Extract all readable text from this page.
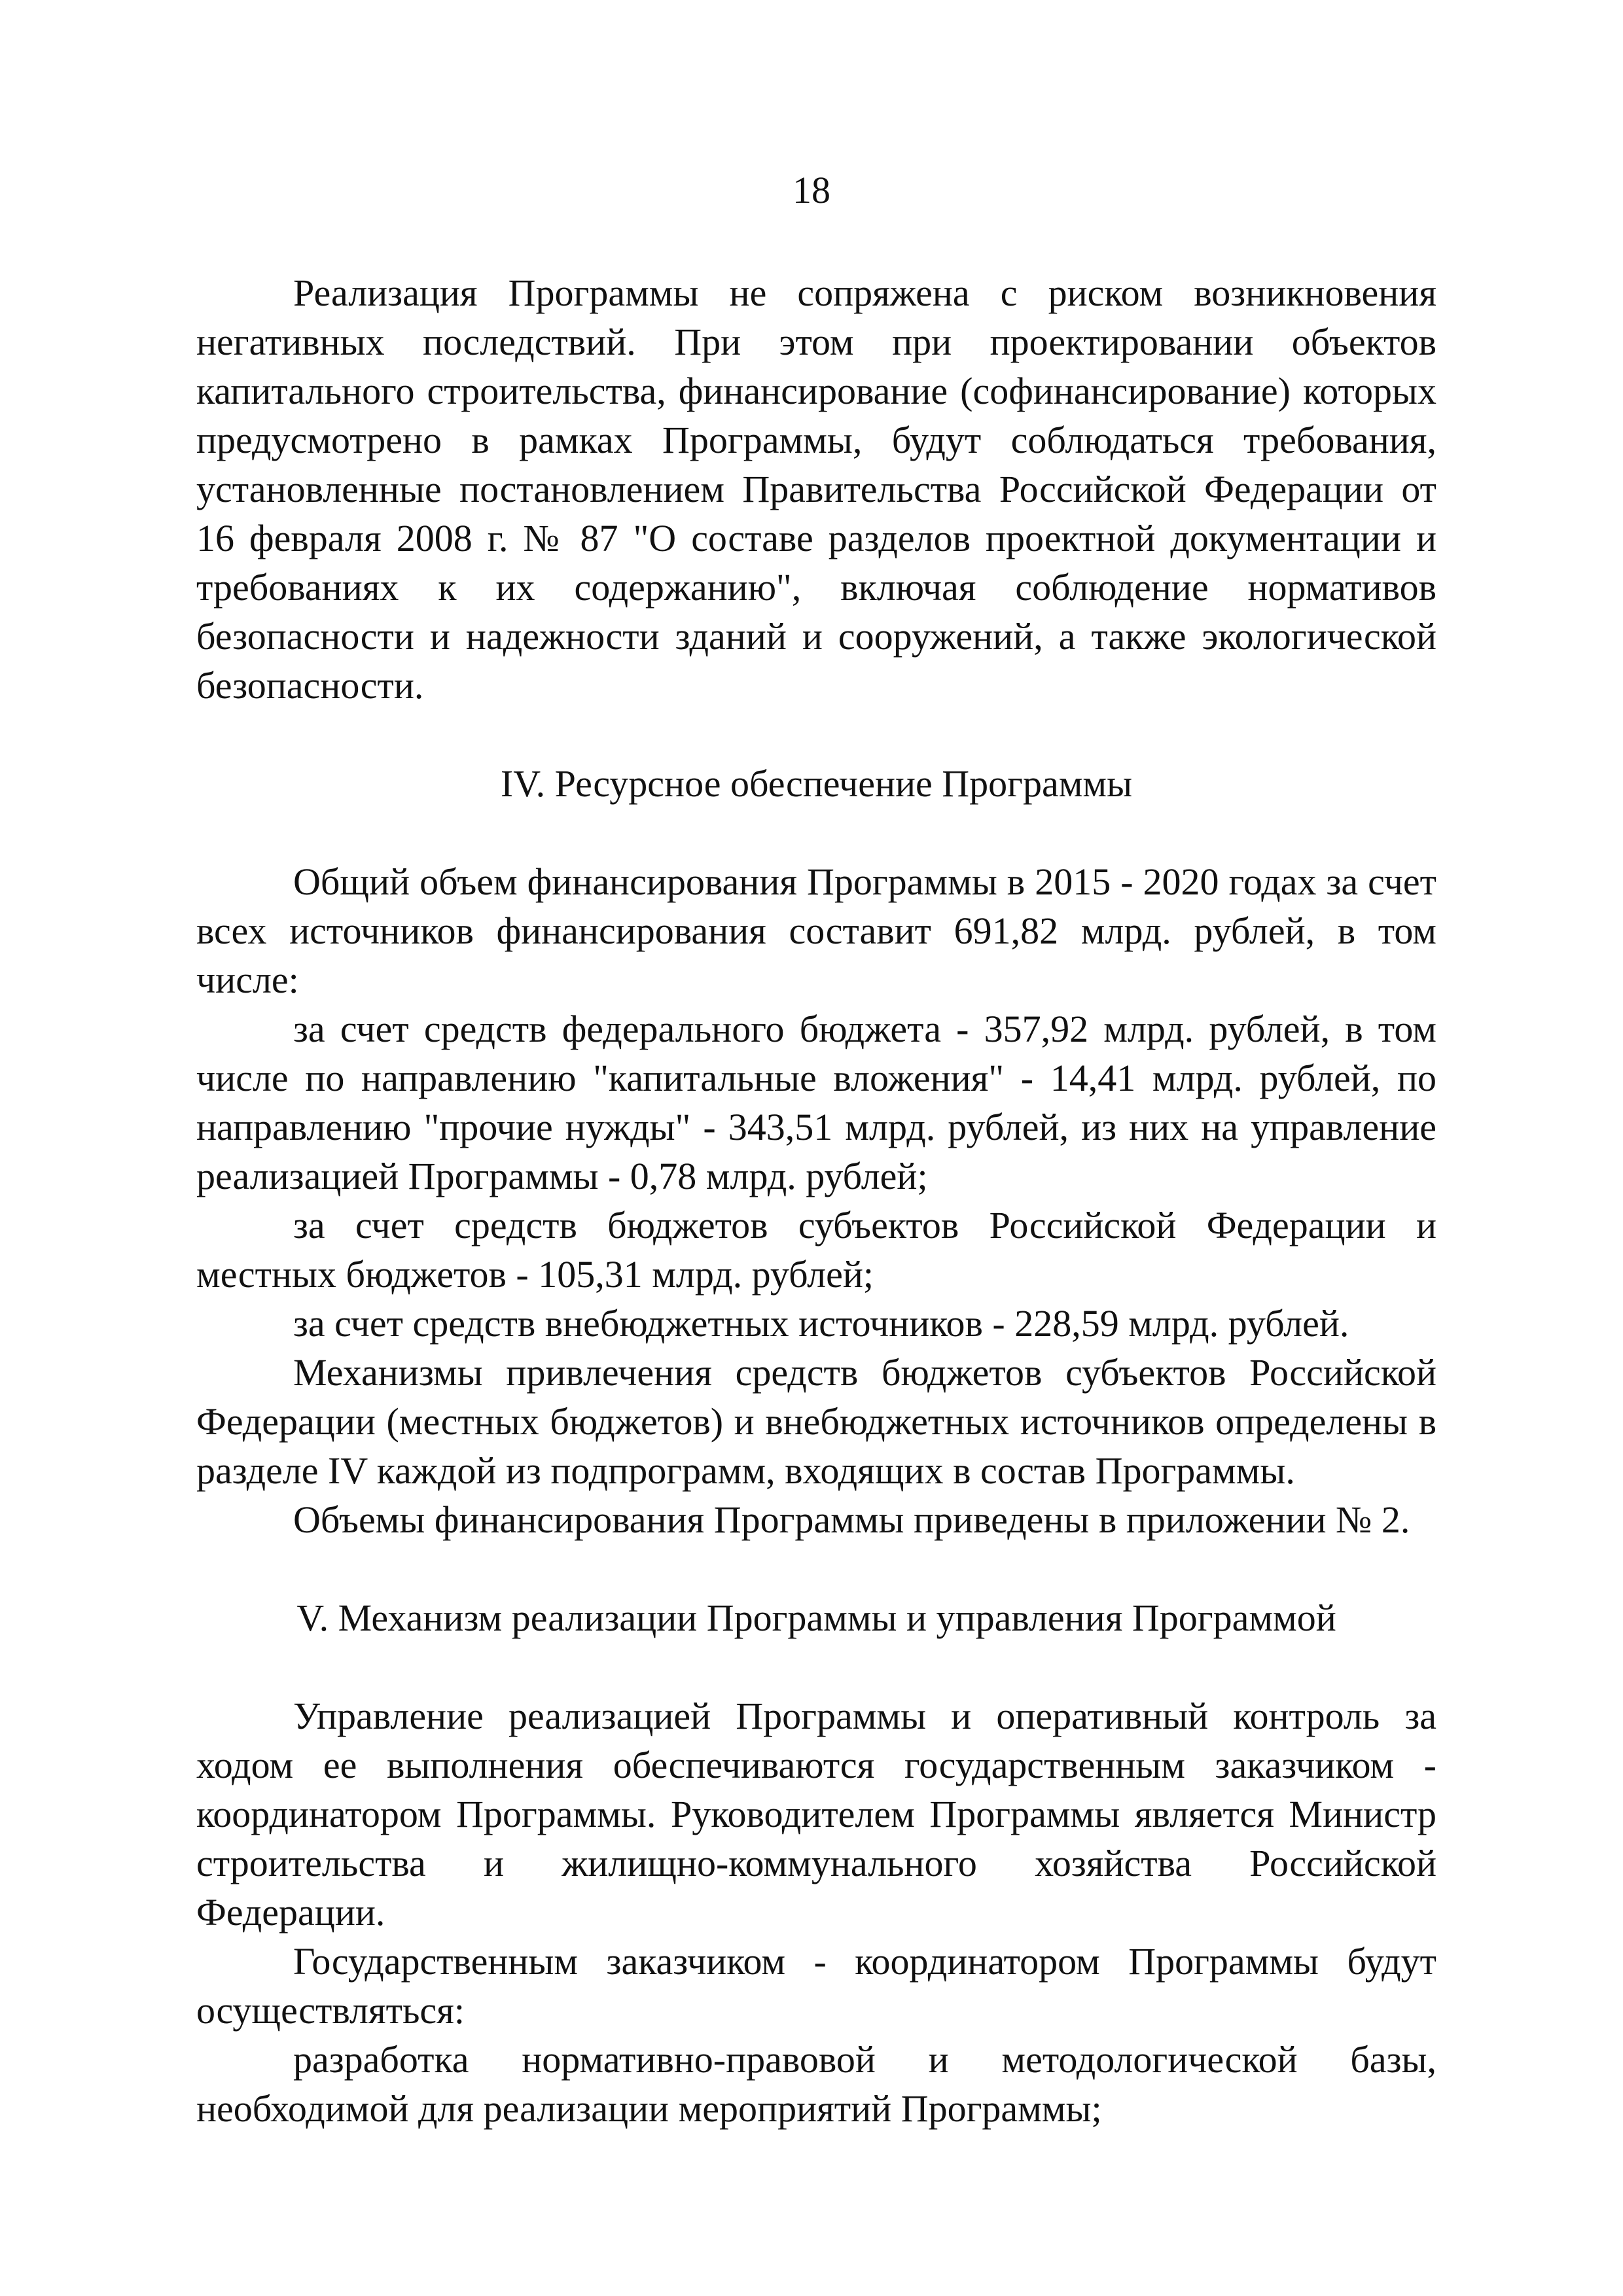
18

Реализация Программы не сопряжена с риском возникновения негативных последствий. При этом при проектировании объектов капитального строительства, финансирование (софинансирование) которых предусмотрено в рамках Программы, будут соблюдаться требования, установленные постановлением Правительства Российской Федерации от 16 февраля 2008 г. № 87 "О составе разделов проектной документации и требованиях к их содержанию", включая соблюдение нормативов безопасности и надежности зданий и сооружений, а также экологической безопасности.

IV. Ресурсное обеспечение Программы

Общий объем финансирования Программы в 2015 - 2020 годах за счет всех источников финансирования составит 691,82 млрд. рублей, в том числе:

за счет средств федерального бюджета - 357,92 млрд. рублей, в том числе по направлению "капитальные вложения" - 14,41 млрд. рублей, по направлению "прочие нужды" - 343,51 млрд. рублей, из них на управление реализацией Программы - 0,78 млрд. рублей;

за счет средств бюджетов субъектов Российской Федерации и местных бюджетов - 105,31 млрд. рублей;

за счет средств внебюджетных источников - 228,59 млрд. рублей.

Механизмы привлечения средств бюджетов субъектов Российской Федерации (местных бюджетов) и внебюджетных источников определены в разделе IV каждой из подпрограмм, входящих в состав Программы.

Объемы финансирования Программы приведены в приложении № 2.

V. Механизм реализации Программы и управления Программой

Управление реализацией Программы и оперативный контроль за ходом ее выполнения обеспечиваются государственным заказчиком - координатором Программы. Руководителем Программы является Министр строительства и жилищно-коммунального хозяйства Российской Федерации.

Государственным заказчиком - координатором Программы будут осуществляться:

разработка нормативно-правовой и методологической базы, необходимой для реализации мероприятий Программы;
